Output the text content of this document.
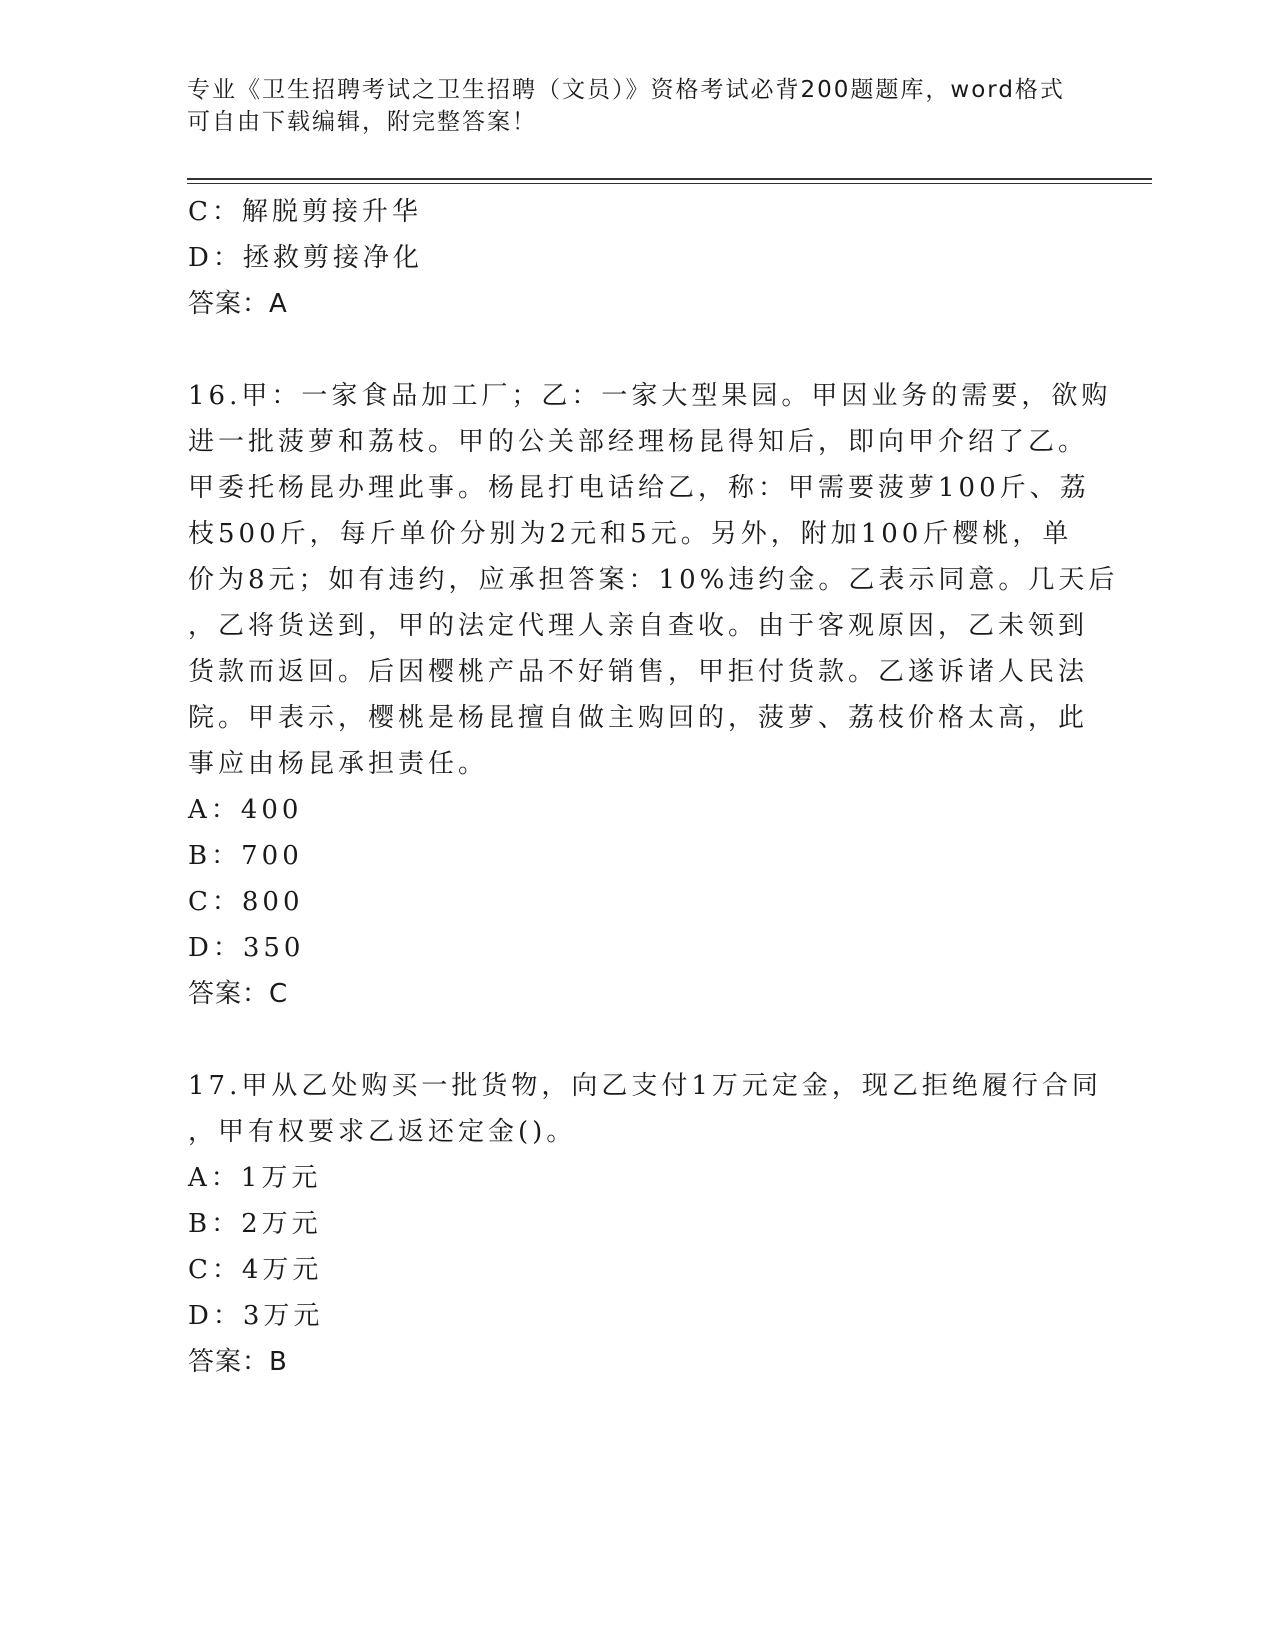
专业《卫生招聘考试之卫生招聘（文员）》资格考试必背200题题库，word格式
可自由下载编辑，附完整答案！
C：解脱剪接升华
D：拯救剪接净化
答案：A
16.甲：一家食品加工厂；乙：一家大型果园。甲因业务的需要，欲购
进一批菠萝和荔枝。甲的公关部经理杨昆得知后，即向甲介绍了乙。
甲委托杨昆办理此事。杨昆打电话给乙，称：甲需要菠萝100斤、荔
枝500斤，每斤单价分别为2元和5元。另外，附加100斤樱桃，单
价为8元；如有违约，应承担答案：10%违约金。乙表示同意。几天后
，乙将货送到，甲的法定代理人亲自查收。由于客观原因，乙未领到
货款而返回。后因樱桃产品不好销售，甲拒付货款。乙遂诉诸人民法
院。甲表示，樱桃是杨昆擅自做主购回的，菠萝、荔枝价格太高，此
事应由杨昆承担责任。
A：400
B：700
C：800
D：350
答案：C
17.甲从乙处购买一批货物，向乙支付1万元定金，现乙拒绝履行合同
，甲有权要求乙返还定金()。
A：1万元
B：2万元
C：4万元
D：3万元
答案：B
